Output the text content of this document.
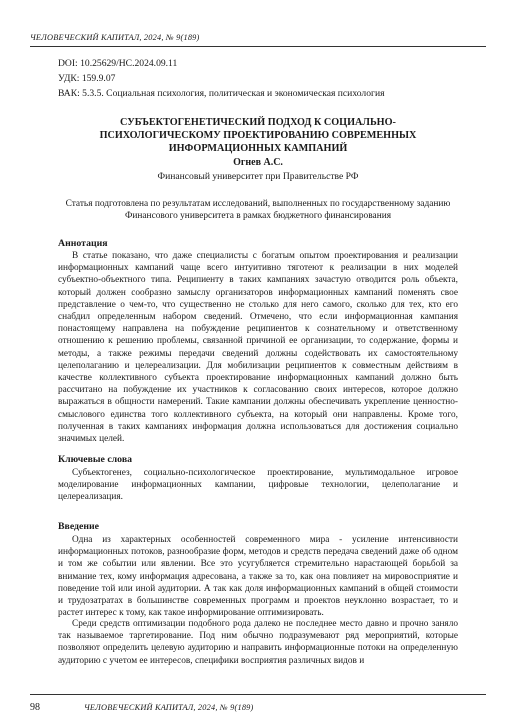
ЧЕЛОВЕЧЕСКИЙ КАПИТАЛ, 2024, № 9(189)
DOI: 10.25629/HC.2024.09.11
УДК: 159.9.07
ВАК: 5.3.5. Социальная психология, политическая и экономическая психология
СУБЪЕКТОГЕНЕТИЧЕСКИЙ ПОДХОД К СОЦИАЛЬНО-ПСИХОЛОГИЧЕСКОМУ ПРОЕКТИРОВАНИЮ СОВРЕМЕННЫХ ИНФОРМАЦИОННЫХ КАМПАНИЙ
Огнев А.С.
Финансовый университет при Правительстве РФ
Статья подготовлена по результатам исследований, выполненных по государственному заданию Финансового университета в рамках бюджетного финансирования
Аннотация

В статье показано, что даже специалисты с богатым опытом проектирования и реализации информационных кампаний чаще всего интуитивно тяготеют к реализации в них моделей субъектно-объектного типа. Реципиенту в таких кампаниях зачастую отводится роль объекта, который должен сообразно замыслу организаторов информационных кампаний поменять свое представление о чем-то, что существенно не столько для него самого, сколько для тех, кто его снабдил определенным набором сведений. Отмечено, что если информационная кампания понастоящему направлена на побуждение реципиентов к сознательному и ответственному отношению к решению проблемы, связанной причиной ее организации, то содержание, формы и методы, а также режимы передачи сведений должны содействовать их самостоятельному целеполаганию и целереализации. Для мобилизации реципиентов к совместным действиям в качестве коллективного субъекта проектирование информационных кампаний должно быть рассчитано на побуждение их участников к согласованию своих интересов, которое должно выражаться в общности намерений. Такие кампании должны обеспечивать укрепление ценностно-смыслового единства того коллективного субъекта, на который они направлены. Кроме того, полученная в таких кампаниях информация должна использоваться для достижения социально значимых целей.

Ключевые слова

Субъектогенез, социально-психологическое проектирование, мультимодальное игровое моделирование информационных кампании, цифровые технологии, целеполагание и целереализация.

Введение

Одна из характерных особенностей современного мира - усиление интенсивности информационных потоков, разнообразие форм, методов и средств передача сведений даже об одном и том же событии или явлении. Все это усугубляется стремительно нарастающей борьбой за внимание тех, кому информация адресована, а также за то, как она повлияет на мировосприятие и поведение той или иной аудитории. А так как доля информационных кампаний в общей стоимости и трудозатратах в большинстве современных программ и проектов неуклонно возрастает, то и растет интерес к тому, как такое информирование оптимизировать.

Среди средств оптимизации подобного рода далеко не последнее место давно и прочно заняло так называемое таргетирование. Под ним обычно подразумевают ряд мероприятий, которые позволяют определить целевую аудиторию и направить информационные потоки на определенную аудиторию с учетом ее интересов, специфики восприятия различных видов и

98	ЧЕЛОВЕЧЕСКИЙ КАПИТАЛ, 2024, № 9(189)
